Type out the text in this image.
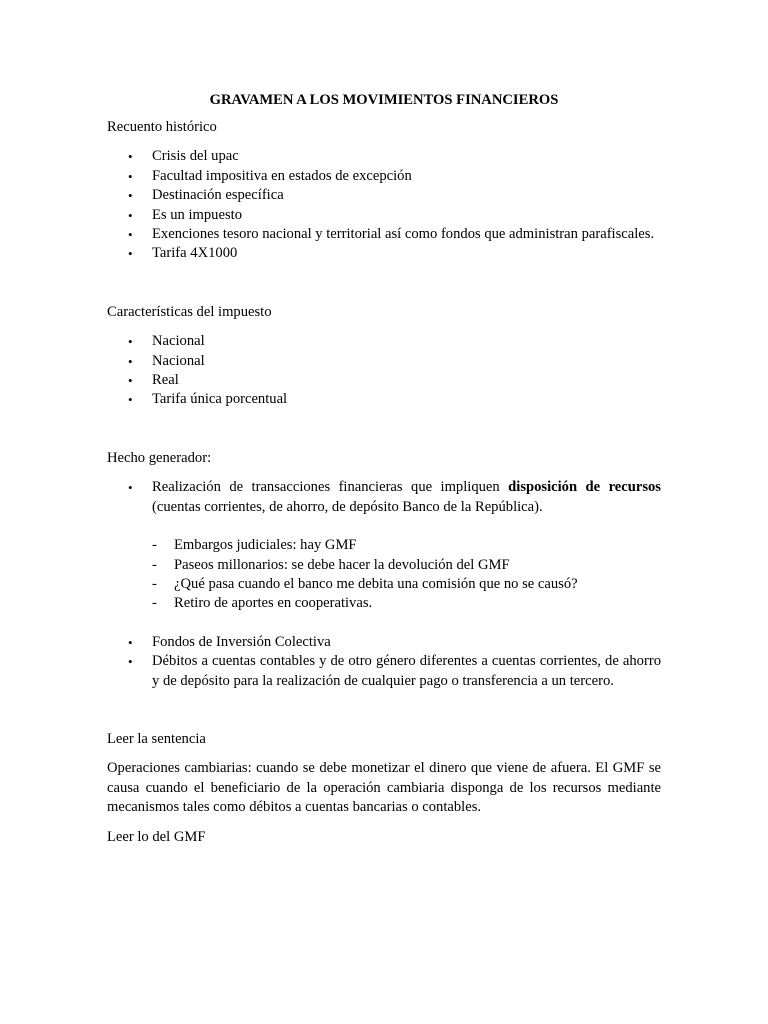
GRAVAMEN A LOS MOVIMIENTOS FINANCIEROS

Recuento histórico

• Crisis del upac
• Facultad impositiva en estados de excepción
• Destinación específica
• Es un impuesto
• Exenciones tesoro nacional y territorial así como fondos que administran parafiscales.
• Tarifa 4X1000

Características del impuesto

• Nacional
• Nacional
• Real
• Tarifa única porcentual

Hecho generador:

• Realización de transacciones financieras que impliquen disposición de recursos (cuentas corrientes, de ahorro, de depósito Banco de la República).
- Embargos judiciales: hay GMF
- Paseos millonarios: se debe hacer la devolución del GMF
- ¿Qué pasa cuando el banco me debita una comisión que no se causó?
- Retiro de aportes en cooperativas.
• Fondos de Inversión Colectiva
• Débitos a cuentas contables y de otro género diferentes a cuentas corrientes, de ahorro y de depósito para la realización de cualquier pago o transferencia a un tercero.

Leer la sentencia

Operaciones cambiarias: cuando se debe monetizar el dinero que viene de afuera. El GMF se causa cuando el beneficiario de la operación cambiaria disponga de los recursos mediante mecanismos tales como débitos a cuentas bancarias o contables.

Leer lo del GMF
